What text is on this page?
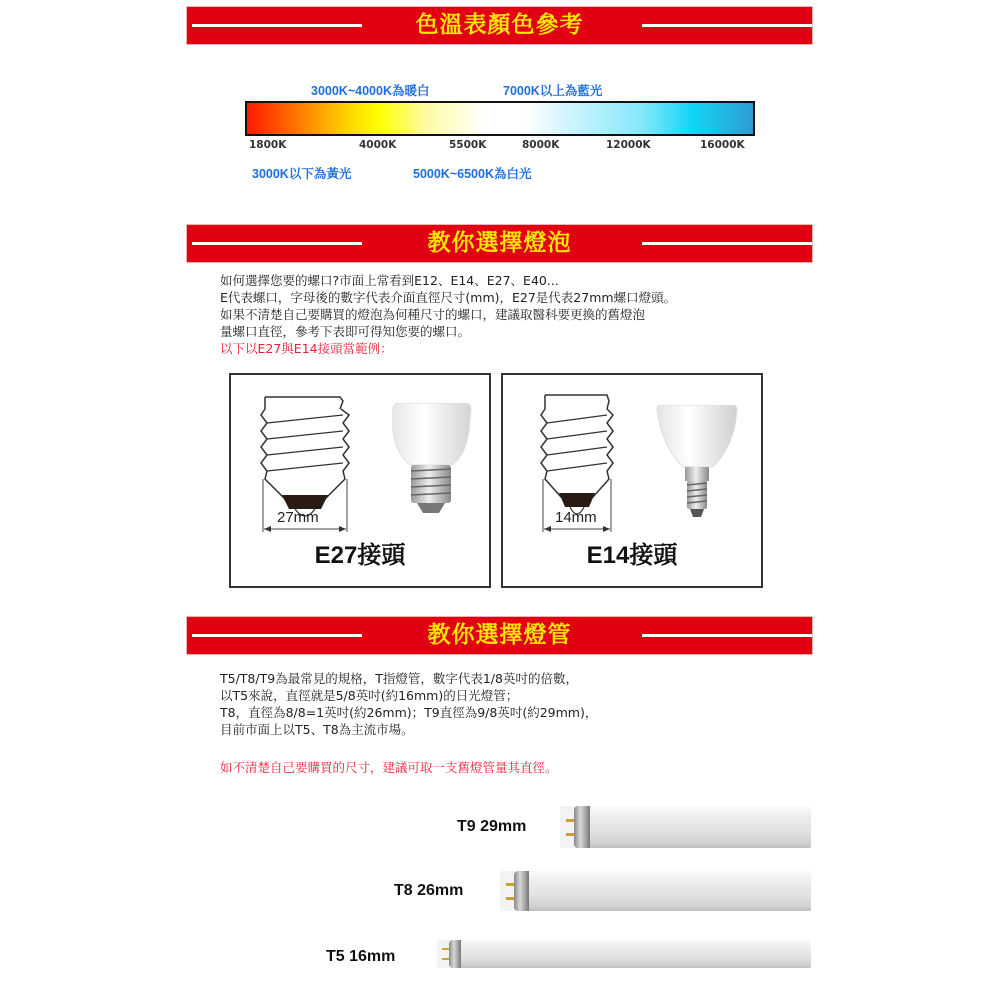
色溫表顏色參考
3000K~4000K為暖白	7000K以上為藍光
1800K	4000K	5500K	8000K	12000K	16000K
3000K以下為黃光	5000K~6500K為白光
教你選擇燈泡
如何選擇您要的螺口?市面上常看到E12、E14、E27、E40...
E代表螺口，字母後的數字代表介面直徑尺寸(mm)，E27是代表27mm螺口燈頭。
如果不清楚自己要購買的燈泡為何種尺寸的螺口，建議取醫科要更換的舊燈泡
量螺口直徑，參考下表即可得知您要的螺口。
以下以E27與E14接頭當範例：
27mm
E27接頭
14mm
E14接頭
教你選擇燈管
T5/T8/T9為最常見的規格，T指燈管，數字代表1/8英吋的倍數，
以T5來說，直徑就是5/8英吋(約16mm)的日光燈管；
T8，直徑為8/8=1英吋(約26mm)；T9直徑為9/8英吋(約29mm)，
目前市面上以T5、T8為主流市場。
如不清楚自己要購買的尺寸，建議可取一支舊燈管量其直徑。
T9 29mm
T8 26mm
T5 16mm
